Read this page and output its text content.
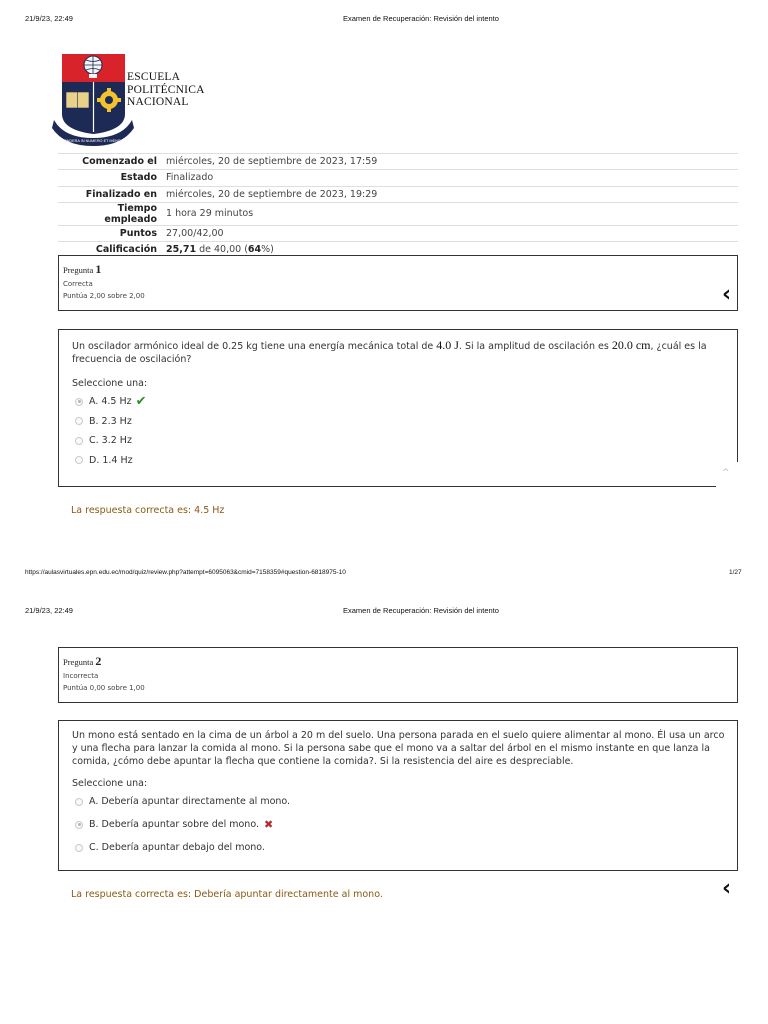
21/9/23, 22:49	Examen de Recuperación: Revisión del intento
E PONDERA IN NUMERO ET MENSURA
ESCUELA
POLITÉCNICA
NACIONAL
Comenzado el	miércoles, 20 de septiembre de 2023, 17:59
Estado	Finalizado
Finalizado en	miércoles, 20 de septiembre de 2023, 19:29
Tiempo empleado	1 hora 29 minutos
Puntos	27,00/42,00
Calificación	25,71 de 40,00 (64%)
Pregunta 1
Correcta
Puntúa 2,00 sobre 2,00	‹
Un oscilador armónico ideal de 0.25 kg tiene una energía mecánica total de 4.0 J. Si la amplitud de oscilación es 20.0 cm, ¿cuál es la frecuencia de oscilación?
Seleccione una:
A. 4.5 Hz ✔
B. 2.3 Hz
C. 3.2 Hz
D. 1.4 Hz
^
La respuesta correcta es: 4.5 Hz
https://aulasvirtuales.epn.edu.ec/mod/quiz/review.php?attempt=6095063&cmid=7158359#question-6818975-10	1/27
21/9/23, 22:49	Examen de Recuperación: Revisión del intento
Pregunta 2
Incorrecta
Puntúa 0,00 sobre 1,00
Un mono está sentado en la cima de un árbol a 20 m del suelo. Una persona parada en el suelo quiere alimentar al mono. Él usa un arco y una flecha para lanzar la comida al mono. Si la persona sabe que el mono va a saltar del árbol en el mismo instante en que lanza la comida, ¿cómo debe apuntar la flecha que contiene la comida?. Si la resistencia del aire es despreciable.
Seleccione una:
A. Debería apuntar directamente al mono.
B. Debería apuntar sobre del mono. ✖
C. Debería apuntar debajo del mono.
La respuesta correcta es: Debería apuntar directamente al mono.	‹
